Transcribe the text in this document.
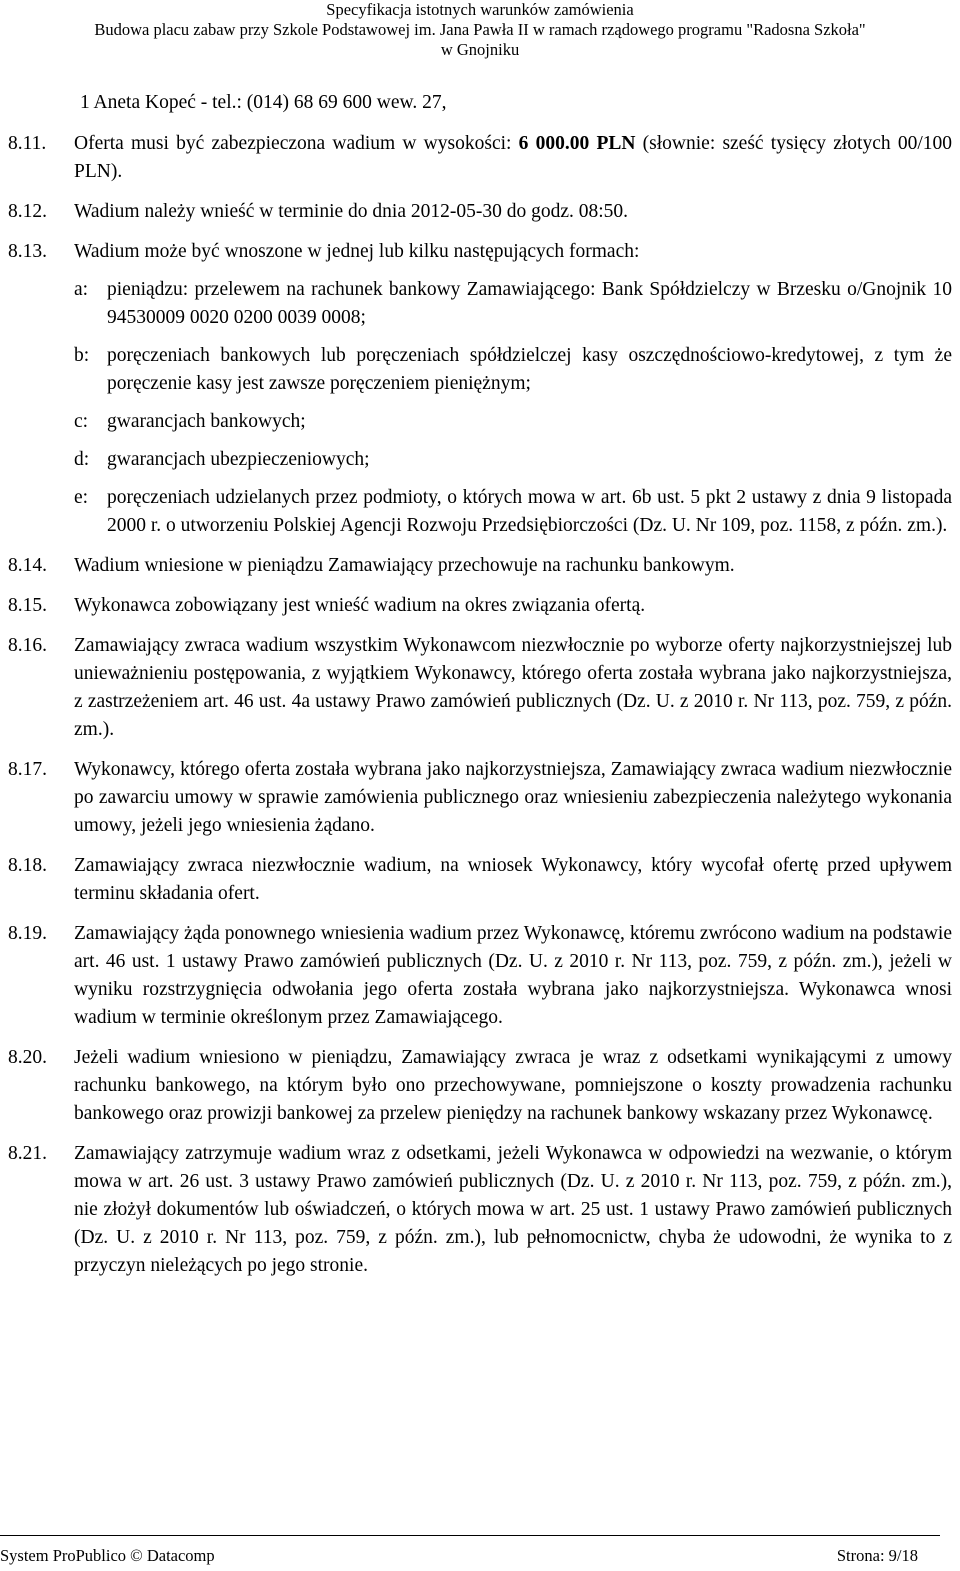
Specyfikacja istotnych warunków zamówienia
Budowa placu zabaw przy Szkole Podstawowej im. Jana Pawła II w ramach rządowego programu "Radosna Szkoła"
w Gnojniku
1 Aneta Kopeć - tel.: (014) 68 69 600 wew. 27,
8.11. Oferta musi być zabezpieczona wadium w wysokości: 6 000.00 PLN (słownie: sześć tysięcy złotych 00/100 PLN).
8.12. Wadium należy wnieść w terminie do dnia 2012-05-30 do godz. 08:50.
8.13. Wadium może być wnoszone w jednej lub kilku następujących formach:
a: pieniądzu: przelewem na rachunek bankowy Zamawiającego: Bank Spółdzielczy w Brzesku o/Gnojnik 10 94530009 0020 0200 0039 0008;
b: poręczeniach bankowych lub poręczeniach spółdzielczej kasy oszczędnościowo-kredytowej, z tym że poręczenie kasy jest zawsze poręczeniem pieniężnym;
c: gwarancjach bankowych;
d: gwarancjach ubezpieczeniowych;
e: poręczeniach udzielanych przez podmioty, o których mowa w art. 6b ust. 5 pkt 2 ustawy z dnia 9 listopada 2000 r. o utworzeniu Polskiej Agencji Rozwoju Przedsiębiorczości (Dz. U. Nr 109, poz. 1158, z późn. zm.).
8.14. Wadium wniesione w pieniądzu Zamawiający przechowuje na rachunku bankowym.
8.15. Wykonawca zobowiązany jest wnieść wadium na okres związania ofertą.
8.16. Zamawiający zwraca wadium wszystkim Wykonawcom niezwłocznie po wyborze oferty najkorzystniejszej lub unieważnieniu postępowania, z wyjątkiem Wykonawcy, którego oferta została wybrana jako najkorzystniejsza, z zastrzeżeniem art. 46 ust. 4a ustawy Prawo zamówień publicznych (Dz. U. z 2010 r. Nr 113, poz. 759, z późn. zm.).
8.17. Wykonawcy, którego oferta została wybrana jako najkorzystniejsza, Zamawiający zwraca wadium niezwłocznie po zawarciu umowy w sprawie zamówienia publicznego oraz wniesieniu zabezpieczenia należytego wykonania umowy, jeżeli jego wniesienia żądano.
8.18. Zamawiający zwraca niezwłocznie wadium, na wniosek Wykonawcy, który wycofał ofertę przed upływem terminu składania ofert.
8.19. Zamawiający żąda ponownego wniesienia wadium przez Wykonawcę, któremu zwrócono wadium na podstawie art. 46 ust. 1 ustawy Prawo zamówień publicznych (Dz. U. z 2010 r. Nr 113, poz. 759, z późn. zm.), jeżeli w wyniku rozstrzygnięcia odwołania jego oferta została wybrana jako najkorzystniejsza. Wykonawca wnosi wadium w terminie określonym przez Zamawiającego.
8.20. Jeżeli wadium wniesiono w pieniądzu, Zamawiający zwraca je wraz z odsetkami wynikającymi z umowy rachunku bankowego, na którym było ono przechowywane, pomniejszone o koszty prowadzenia rachunku bankowego oraz prowizji bankowej za przelew pieniędzy na rachunek bankowy wskazany przez Wykonawcę.
8.21. Zamawiający zatrzymuje wadium wraz z odsetkami, jeżeli Wykonawca w odpowiedzi na wezwanie, o którym mowa w art. 26 ust. 3 ustawy Prawo zamówień publicznych (Dz. U. z 2010 r. Nr 113, poz. 759, z późn. zm.), nie złożył dokumentów lub oświadczeń, o których mowa w art. 25 ust. 1 ustawy Prawo zamówień publicznych (Dz. U. z 2010 r. Nr 113, poz. 759, z późn. zm.), lub pełnomocnictw, chyba że udowodni, że wynika to z przyczyn nieleżących po jego stronie.
System ProPublico © Datacomp	Strona: 9/18
